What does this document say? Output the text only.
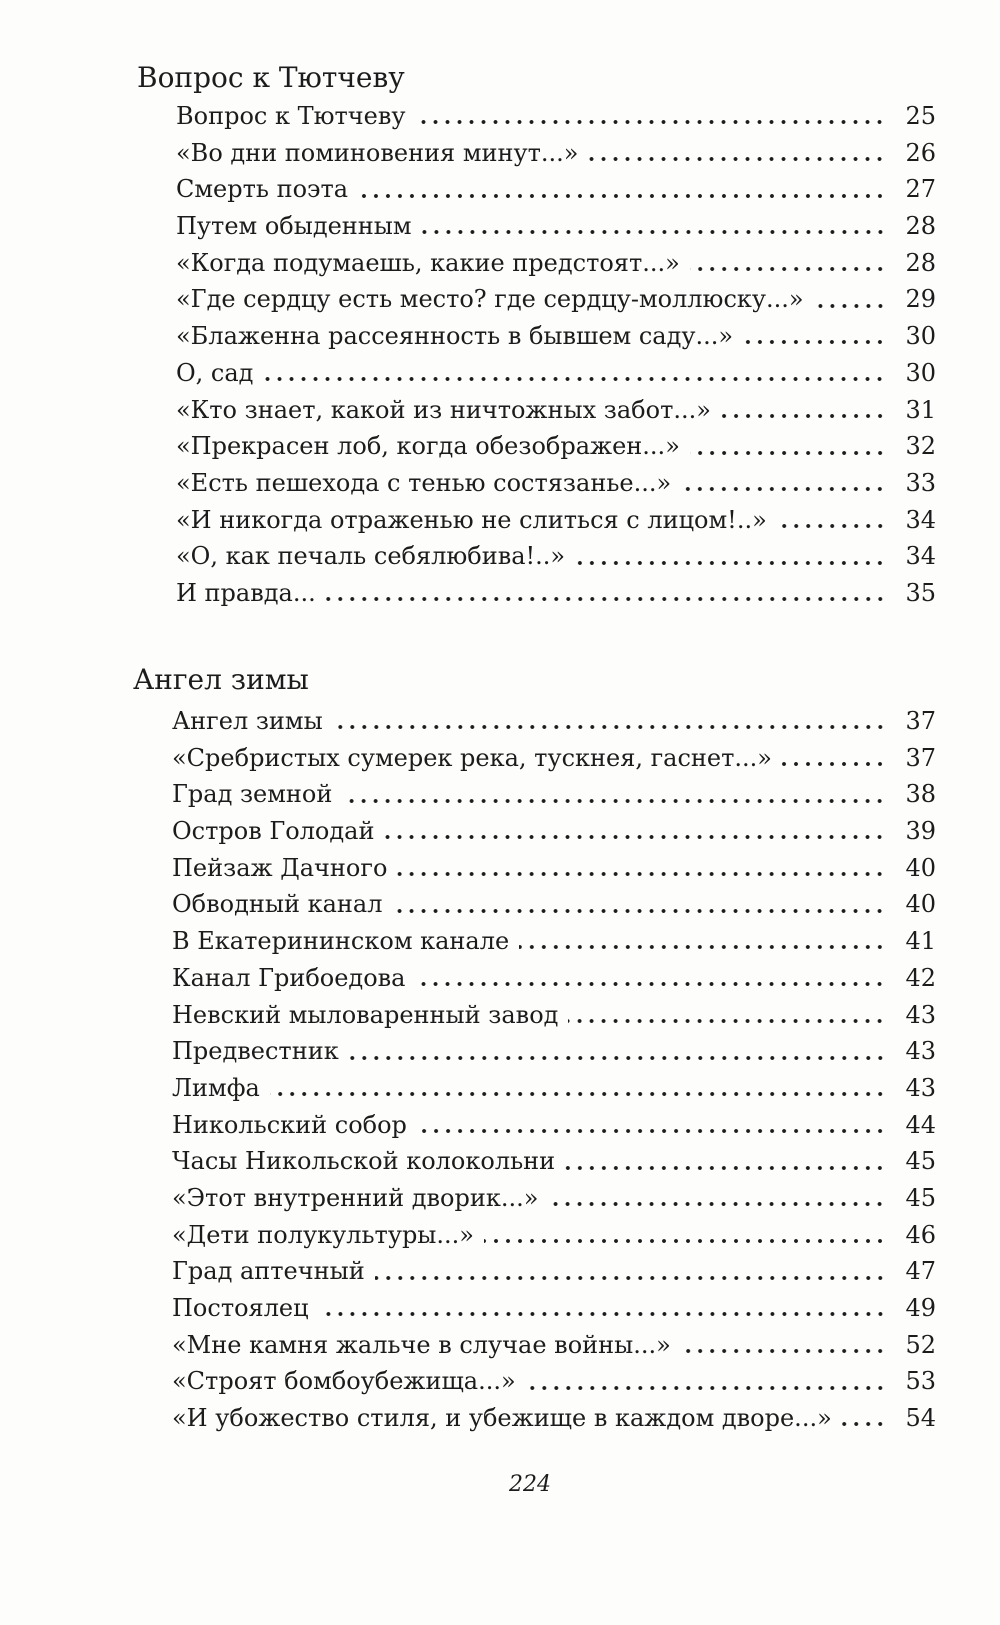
Вопрос к Тютчеву
Вопрос к Тютчеву	25
«Во дни поминовения минут...»	26
Смерть поэта	27
Путем обыденным	28
«Когда подумаешь, какие предстоят...»	28
«Где сердцу есть место? где сердцу-моллюску...»	29
«Блаженна рассеянность в бывшем саду...»	30
О, сад	30
«Кто знает, какой из ничтожных забот...»	31
«Прекрасен лоб, когда обезображен...»	32
«Есть пешехода с тенью состязанье...»	33
«И никогда отраженью не слиться с лицом!..»	34
«О, как печаль себялюбива!..»	34
И правда...	35
Ангел зимы
Ангел зимы	37
«Сребристых сумерек река, тускнея, гаснет...»	37
Град земной	38
Остров Голодай	39
Пейзаж Дачного	40
Обводный канал	40
В Екатерининском канале	41
Канал Грибоедова	42
Невский мыловаренный завод	43
Предвестник	43
Лимфа	43
Никольский собор	44
Часы Никольской колокольни	45
«Этот внутренний дворик...»	45
«Дети полукультуры...»	46
Град аптечный	47
Постоялец	49
«Мне камня жальче в случае войны...»	52
«Строят бомбоубежища...»	53
«И убожество стиля, и убежище в каждом дворе...»	54
224
